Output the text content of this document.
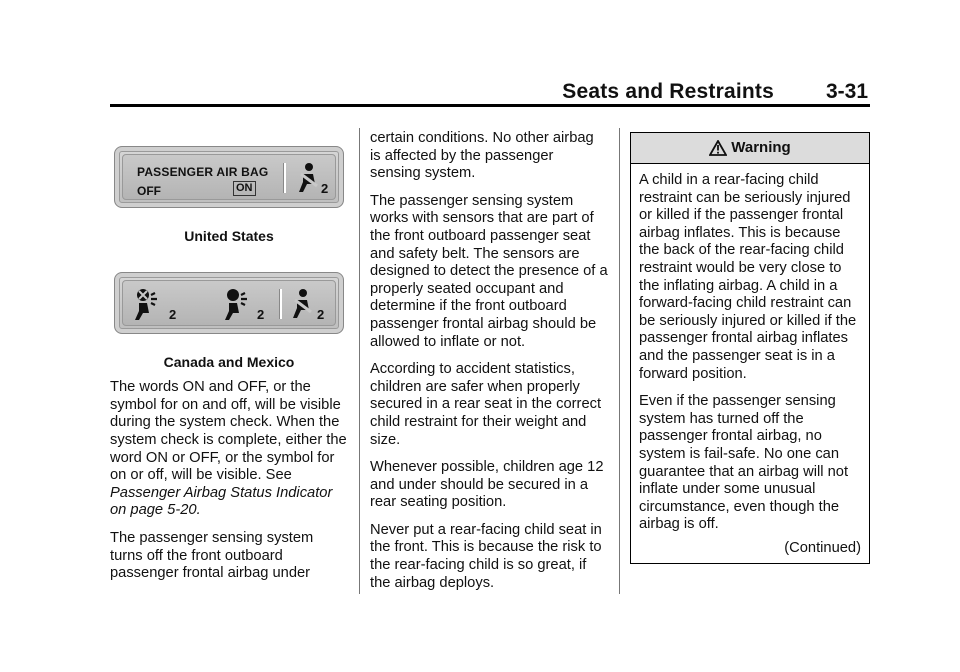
Seats and Restraints 3-31
PASSENGER AIR BAG
OFF	ON	2
United States
2	2	2
Canada and Mexico

The words ON and OFF, or the symbol for on and off, will be visible during the system check. When the system check is complete, either the word ON or OFF, or the symbol for on or off, will be visible. See Passenger Airbag Status Indicator on page 5-20.

The passenger sensing system turns off the front outboard passenger frontal airbag under

certain conditions. No other airbag is affected by the passenger sensing system.

The passenger sensing system works with sensors that are part of the front outboard passenger seat and safety belt. The sensors are designed to detect the presence of a properly seated occupant and determine if the front outboard passenger frontal airbag should be allowed to inflate or not.

According to accident statistics, children are safer when properly secured in a rear seat in the correct child restraint for their weight and size.

Whenever possible, children age 12 and under should be secured in a rear seating position.

Never put a rear-facing child seat in the front. This is because the risk to the rear-facing child is so great, if the airbag deploys.

Warning

A child in a rear-facing child restraint can be seriously injured or killed if the passenger frontal airbag inflates. This is because the back of the rear-facing child restraint would be very close to the inflating airbag. A child in a forward-facing child restraint can be seriously injured or killed if the passenger frontal airbag inflates and the passenger seat is in a forward position.

Even if the passenger sensing system has turned off the passenger frontal airbag, no system is fail-safe. No one can guarantee that an airbag will not inflate under some unusual circumstance, even though the airbag is off.

(Continued)
